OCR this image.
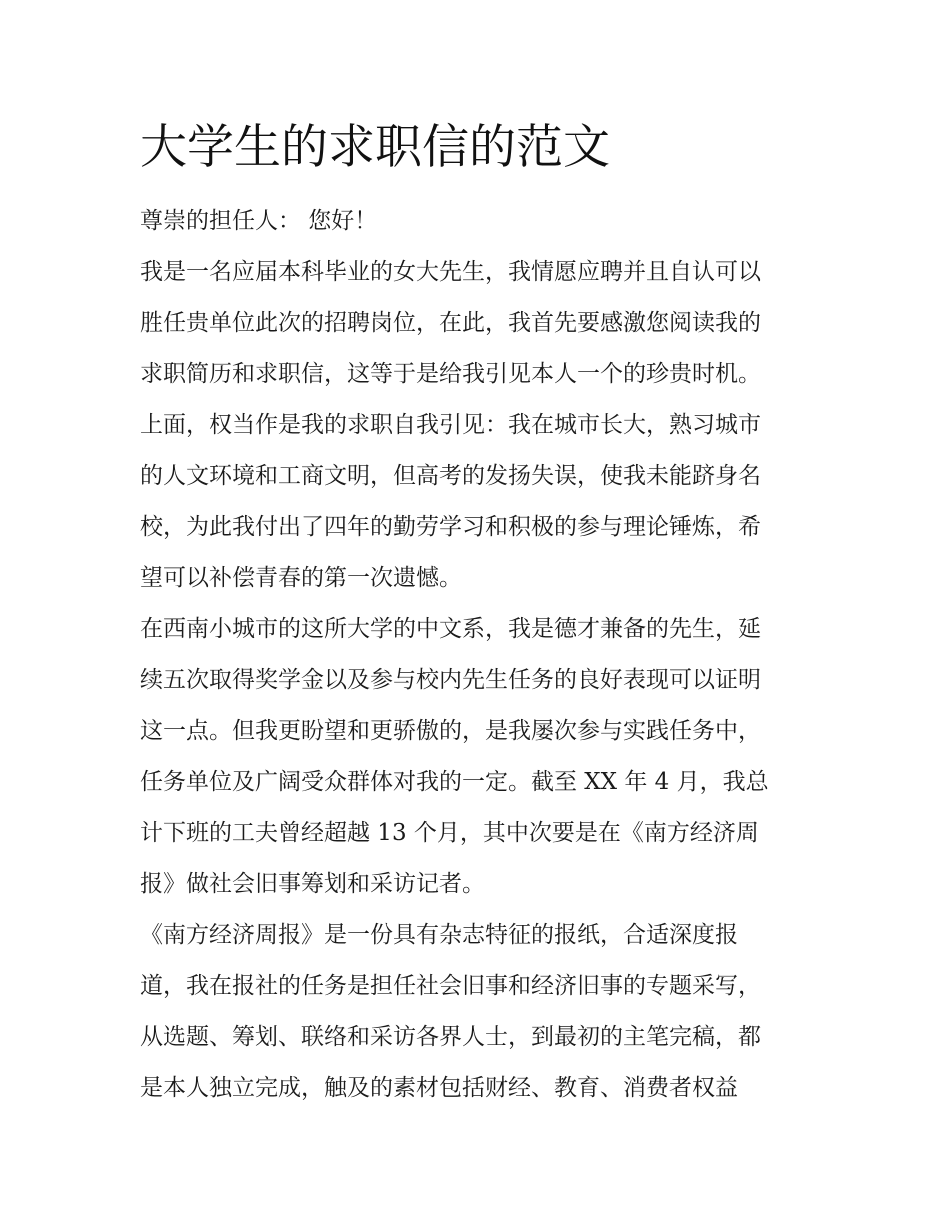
大学生的求职信的范文

尊崇的担任人： 您好！

我是一名应届本科毕业的女大先生，我情愿应聘并且自认可以

胜任贵单位此次的招聘岗位，在此，我首先要感激您阅读我的

求职简历和求职信，这等于是给我引见本人一个的珍贵时机。

上面，权当作是我的求职自我引见：我在城市长大，熟习城市

的人文环境和工商文明，但高考的发扬失误，使我未能跻身名

校，为此我付出了四年的勤劳学习和积极的参与理论锤炼，希

望可以补偿青春的第一次遗憾。

在西南小城市的这所大学的中文系，我是德才兼备的先生，延

续五次取得奖学金以及参与校内先生任务的良好表现可以证明

这一点。但我更盼望和更骄傲的，是我屡次参与实践任务中，

任务单位及广阔受众群体对我的一定。截至 XX 年 4 月，我总

计下班的工夫曾经超越 13 个月，其中次要是在《南方经济周

报》做社会旧事筹划和采访记者。

《南方经济周报》是一份具有杂志特征的报纸，合适深度报

道，我在报社的任务是担任社会旧事和经济旧事的专题采写，

从选题、筹划、联络和采访各界人士，到最初的主笔完稿，都

是本人独立完成，触及的素材包括财经、教育、消费者权益
